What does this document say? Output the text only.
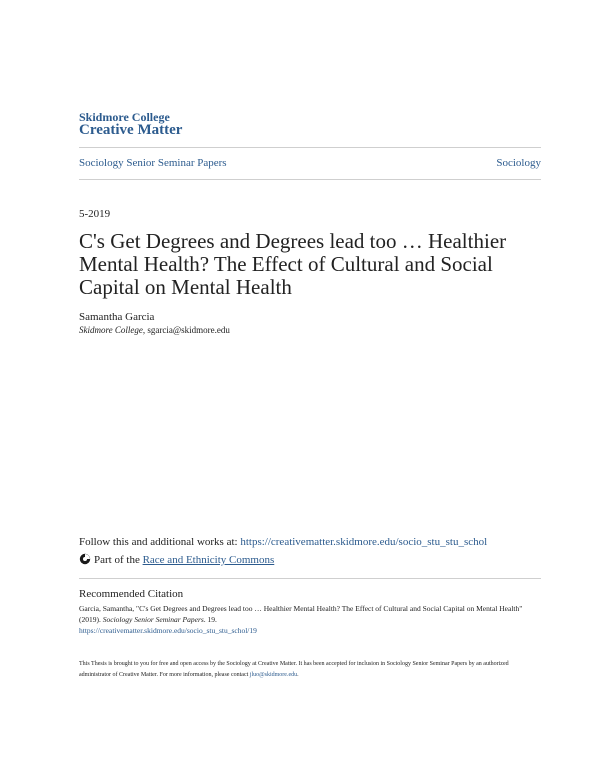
Skidmore College
Creative Matter
Sociology Senior Seminar Papers	Sociology
5-2019
C's Get Degrees and Degrees lead too … Healthier Mental Health? The Effect of Cultural and Social Capital on Mental Health
Samantha Garcia
Skidmore College, sgarcia@skidmore.edu
Follow this and additional works at: https://creativematter.skidmore.edu/socio_stu_stu_schol
Part of the Race and Ethnicity Commons
Recommended Citation
Garcia, Samantha, "C's Get Degrees and Degrees lead too … Healthier Mental Health? The Effect of Cultural and Social Capital on Mental Health" (2019). Sociology Senior Seminar Papers. 19.
https://creativematter.skidmore.edu/socio_stu_stu_schol/19
This Thesis is brought to you for free and open access by the Sociology at Creative Matter. It has been accepted for inclusion in Sociology Senior Seminar Papers by an authorized administrator of Creative Matter. For more information, please contact jluo@skidmore.edu.
